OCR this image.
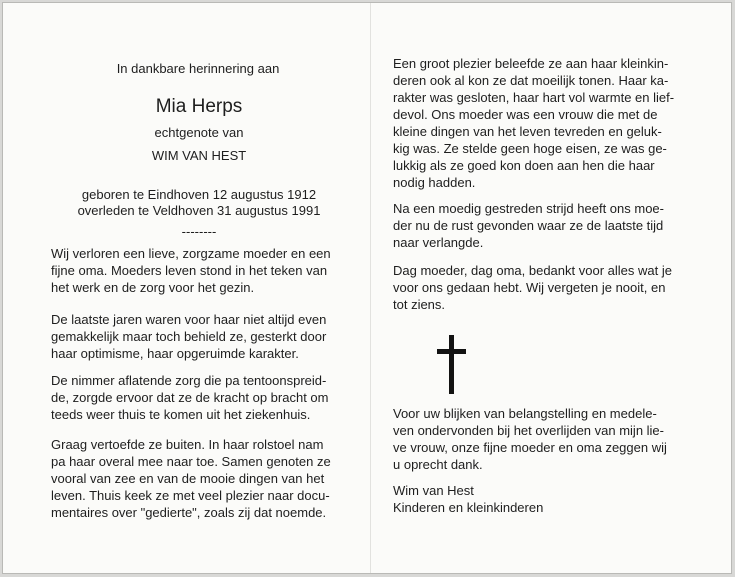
In dankbare herinnering aan
Mia Herps
echtgenote van
WIM VAN HEST
geboren te Eindhoven 12 augustus 1912
overleden te Veldhoven 31 augustus 1991
--------
Wij verloren een lieve, zorgzame moeder en een
fijne oma. Moeders leven stond in het teken van
het werk en de zorg voor het gezin.
De laatste jaren waren voor haar niet altijd even
gemakkelijk maar toch behield ze, gesterkt door
haar optimisme, haar opgeruimde karakter.
De nimmer aflatende zorg die pa tentoonspreid-
de, zorgde ervoor dat ze de kracht op bracht om
teeds weer thuis te komen uit het ziekenhuis.
Graag vertoefde ze buiten. In haar rolstoel nam
pa haar overal mee naar toe. Samen genoten ze
vooral van zee en van de mooie dingen van het
leven. Thuis keek ze met veel plezier naar docu-
mentaires over "gedierte", zoals zij dat noemde.
Een groot plezier beleefde ze aan haar kleinkin-
deren ook al kon ze dat moeilijk tonen. Haar ka-
rakter was gesloten, haar hart vol warmte en lief-
devol. Ons moeder was een vrouw die met de
kleine dingen van het leven tevreden en geluk-
kig was. Ze stelde geen hoge eisen, ze was ge-
lukkig als ze goed kon doen aan hen die haar
nodig hadden.
Na een moedig gestreden strijd heeft ons moe-
der nu de rust gevonden waar ze de laatste tijd
naar verlangde.
Dag moeder, dag oma, bedankt voor alles wat je
voor ons gedaan hebt. Wij vergeten je nooit, en
tot ziens.
Voor uw blijken van belangstelling en medele-
ven ondervonden bij het overlijden van mijn lie-
ve vrouw, onze fijne moeder en oma zeggen wij
u oprecht dank.
Wim van Hest
Kinderen en kleinkinderen
